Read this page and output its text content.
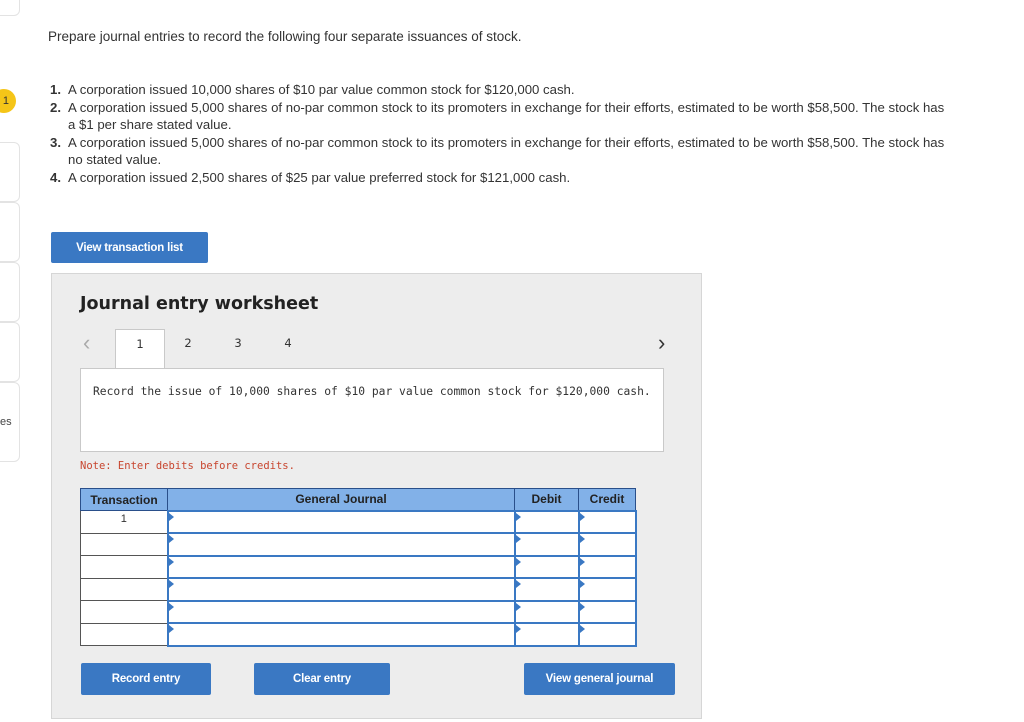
1
es
Prepare journal entries to record the following four separate issuances of stock.
1. A corporation issued 10,000 shares of $10 par value common stock for $120,000 cash.
2. A corporation issued 5,000 shares of no-par common stock to its promoters in exchange for their efforts, estimated to be worth $58,500. The stock has a $1 per share stated value.
3. A corporation issued 5,000 shares of no-par common stock to its promoters in exchange for their efforts, estimated to be worth $58,500. The stock has no stated value.
4. A corporation issued 2,500 shares of $25 par value preferred stock for $121,000 cash.
View transaction list
Journal entry worksheet
‹	1	2	3	4	›
Record the issue of 10,000 shares of $10 par value common stock for $120,000 cash.
Note: Enter debits before credits.
Transaction	General Journal	Debit	Credit
1			

Record entry	Clear entry	View general journal
